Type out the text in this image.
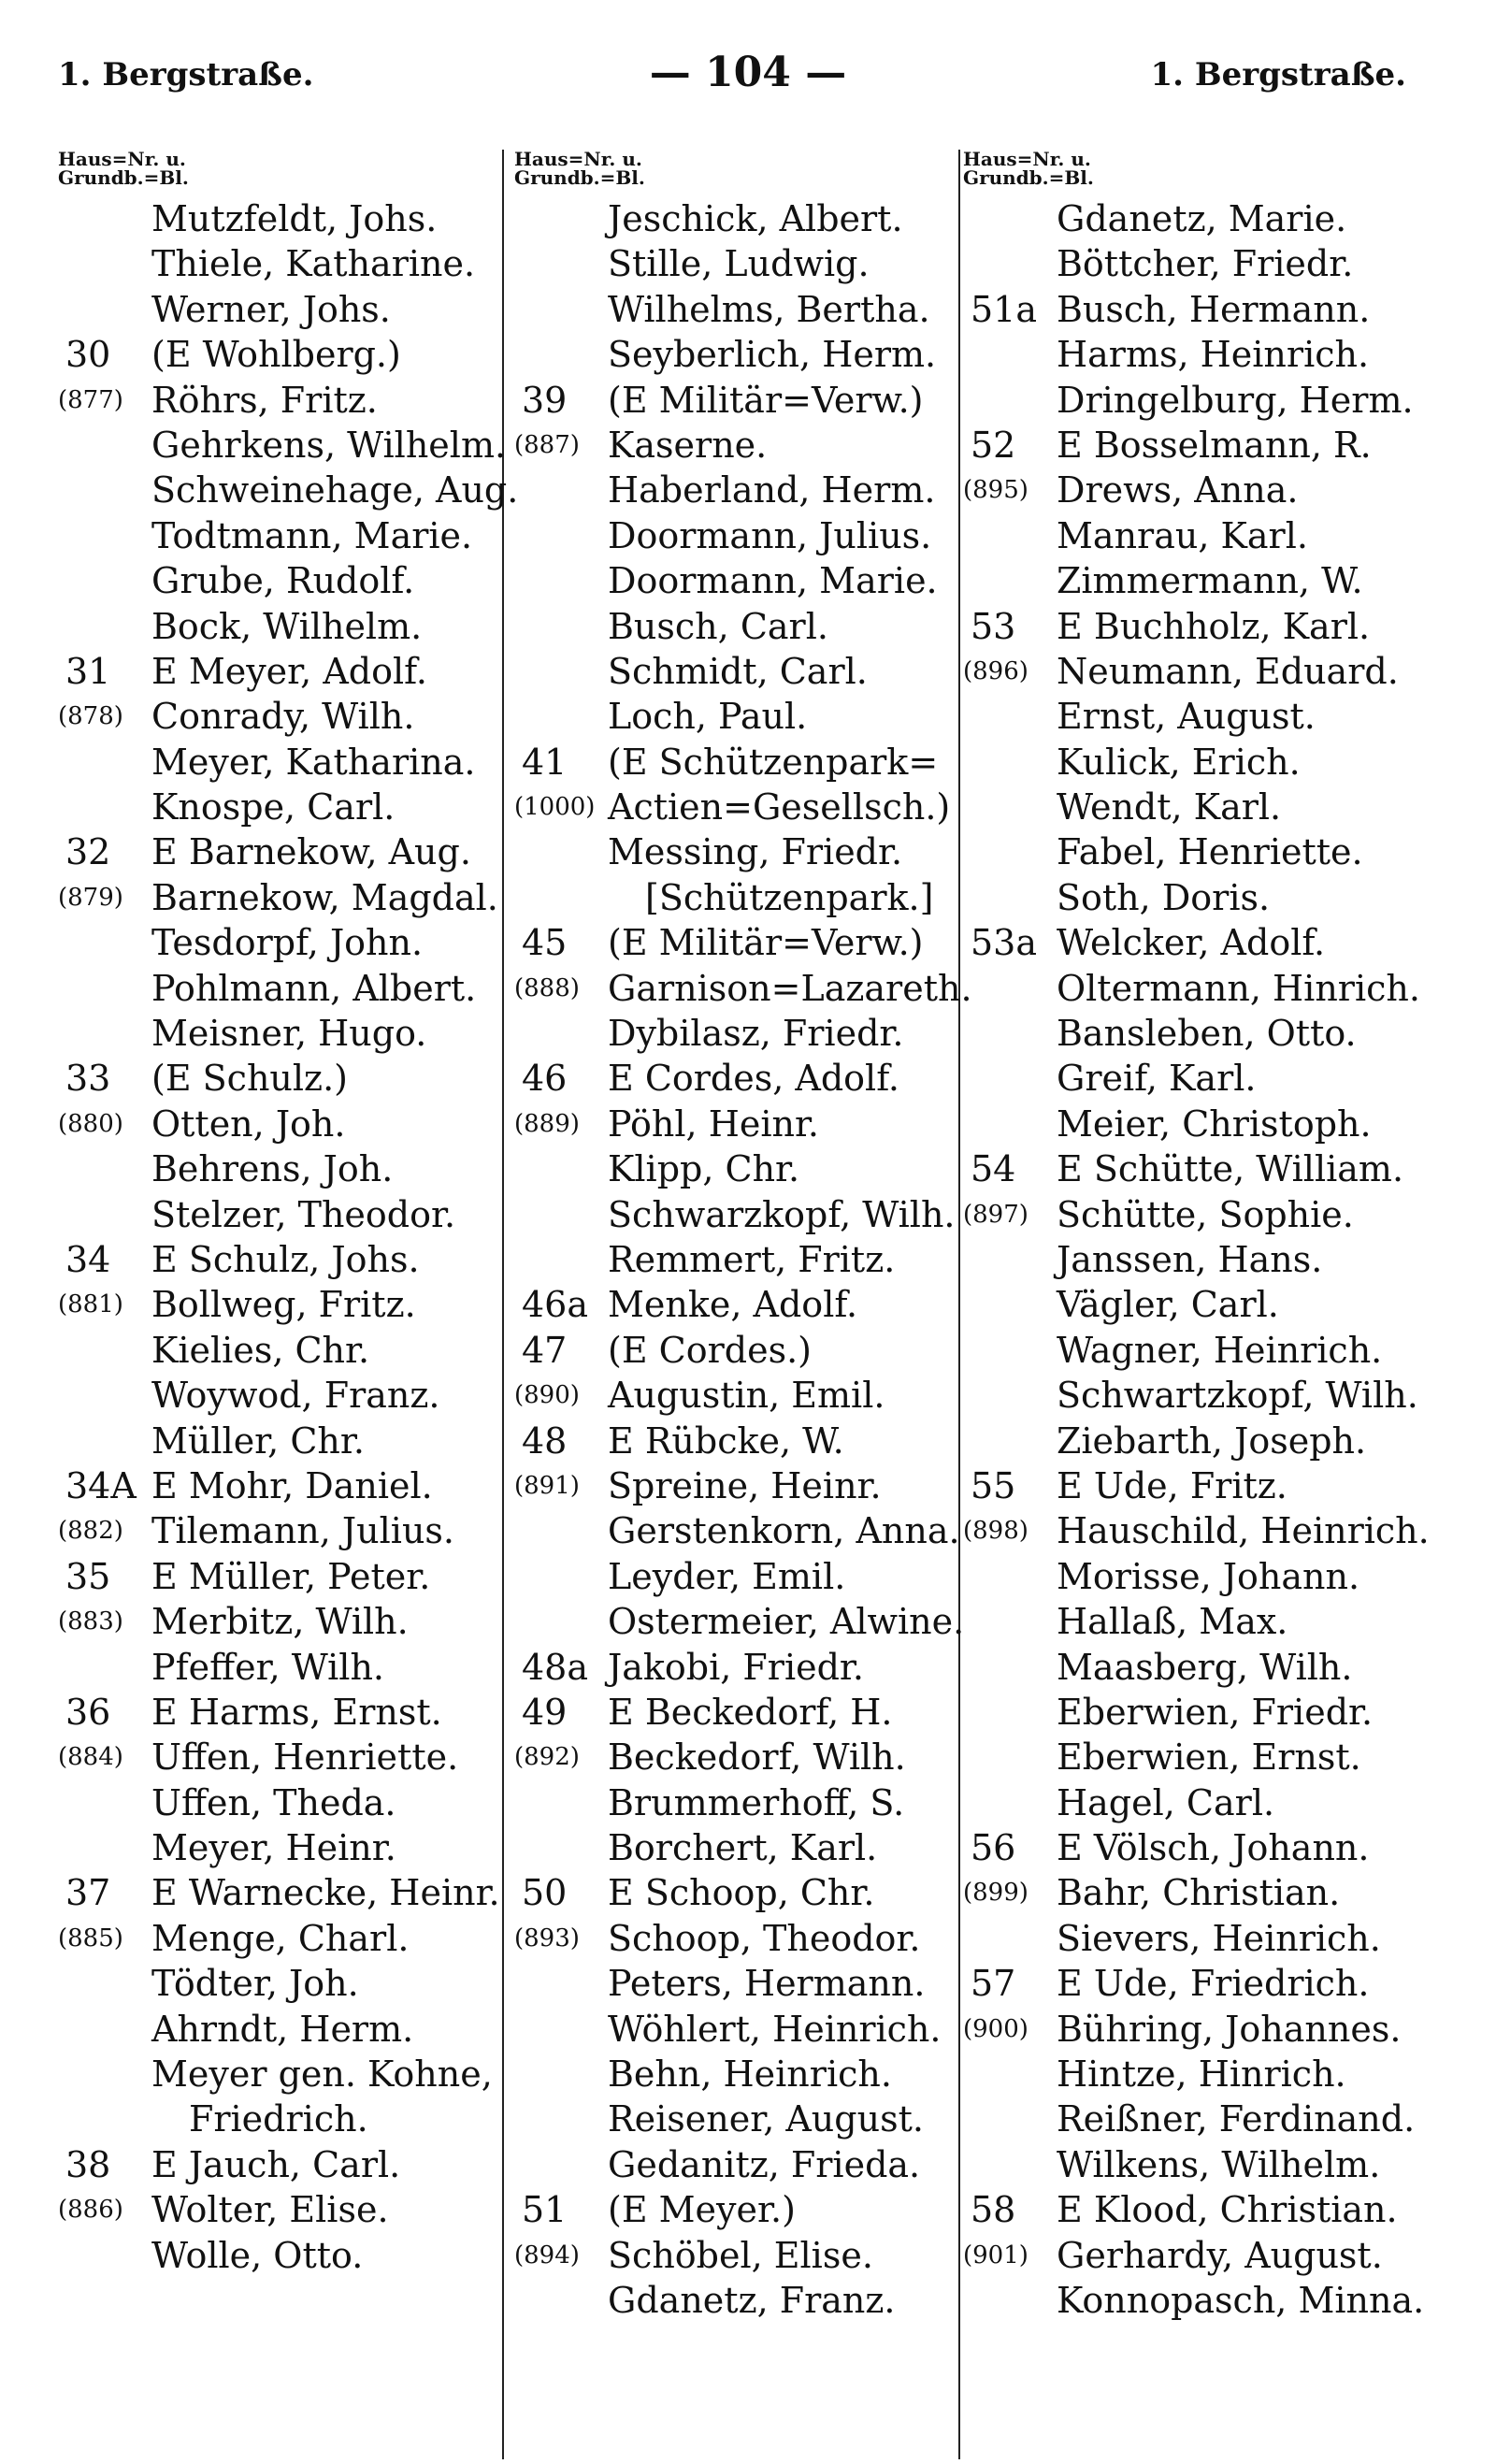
1. Bergstraße.	— 104 —	1. Bergstraße.
Haus=Nr. u.
Grundb.=Bl.
Mutzfeldt, Johs.
Thiele, Katharine.
Werner, Johs.
30 (E Wohlberg.)
(877) Röhrs, Fritz.
Gehrkens, Wilhelm.
Schweinehage, Aug.
Todtmann, Marie.
Grube, Rudolf.
Bock, Wilhelm.
31 E Meyer, Adolf.
(878) Conrady, Wilh.
Meyer, Katharina.
Knospe, Carl.
32 E Barnekow, Aug.
(879) Barnekow, Magdal.
Tesdorpf, John.
Pohlmann, Albert.
Meisner, Hugo.
33 (E Schulz.)
(880) Otten, Joh.
Behrens, Joh.
Stelzer, Theodor.
34 E Schulz, Johs.
(881) Bollweg, Fritz.
Kielies, Chr.
Woywod, Franz.
Müller, Chr.
34A E Mohr, Daniel.
(882) Tilemann, Julius.
35 E Müller, Peter.
(883) Merbitz, Wilh.
Pfeffer, Wilh.
36 E Harms, Ernst.
(884) Uffen, Henriette.
Uffen, Theda.
Meyer, Heinr.
37 E Warnecke, Heinr.
(885) Menge, Charl.
Tödter, Joh.
Ahrndt, Herm.
Meyer gen. Kohne,
Friedrich.
38 E Jauch, Carl.
(886) Wolter, Elise.
Wolle, Otto.
Haus=Nr. u.
Grundb.=Bl.
Jeschick, Albert.
Stille, Ludwig.
Wilhelms, Bertha.
Seyberlich, Herm.
39 (E Militär=Verw.)
(887) Kaserne.
Haberland, Herm.
Doormann, Julius.
Doormann, Marie.
Busch, Carl.
Schmidt, Carl.
Loch, Paul.
41 (E Schützenpark=
(1000) Actien=Gesellsch.)
Messing, Friedr.
[Schützenpark.]
45 (E Militär=Verw.)
(888) Garnison=Lazareth.
Dybilasz, Friedr.
46 E Cordes, Adolf.
(889) Pöhl, Heinr.
Klipp, Chr.
Schwarzkopf, Wilh.
Remmert, Fritz.
46a Menke, Adolf.
47 (E Cordes.)
(890) Augustin, Emil.
48 E Rübcke, W.
(891) Spreine, Heinr.
Gerstenkorn, Anna.
Leyder, Emil.
Ostermeier, Alwine.
48a Jakobi, Friedr.
49 E Beckedorf, H.
(892) Beckedorf, Wilh.
Brummerhoff, S.
Borchert, Karl.
50 E Schoop, Chr.
(893) Schoop, Theodor.
Peters, Hermann.
Wöhlert, Heinrich.
Behn, Heinrich.
Reisener, August.
Gedanitz, Frieda.
51 (E Meyer.)
(894) Schöbel, Elise.
Gdanetz, Franz.
Haus=Nr. u.
Grundb.=Bl.
Gdanetz, Marie.
Böttcher, Friedr.
51a Busch, Hermann.
Harms, Heinrich.
Dringelburg, Herm.
52 E Bosselmann, R.
(895) Drews, Anna.
Manrau, Karl.
Zimmermann, W.
53 E Buchholz, Karl.
(896) Neumann, Eduard.
Ernst, August.
Kulick, Erich.
Wendt, Karl.
Fabel, Henriette.
Soth, Doris.
53a Welcker, Adolf.
Oltermann, Hinrich.
Bansleben, Otto.
Greif, Karl.
Meier, Christoph.
54 E Schütte, William.
(897) Schütte, Sophie.
Janssen, Hans.
Vägler, Carl.
Wagner, Heinrich.
Schwartzkopf, Wilh.
Ziebarth, Joseph.
55 E Ude, Fritz.
(898) Hauschild, Heinrich.
Morisse, Johann.
Hallaß, Max.
Maasberg, Wilh.
Eberwien, Friedr.
Eberwien, Ernst.
Hagel, Carl.
56 E Völsch, Johann.
(899) Bahr, Christian.
Sievers, Heinrich.
57 E Ude, Friedrich.
(900) Bühring, Johannes.
Hintze, Hinrich.
Reißner, Ferdinand.
Wilkens, Wilhelm.
58 E Klood, Christian.
(901) Gerhardy, August.
Konnopasch, Minna.
